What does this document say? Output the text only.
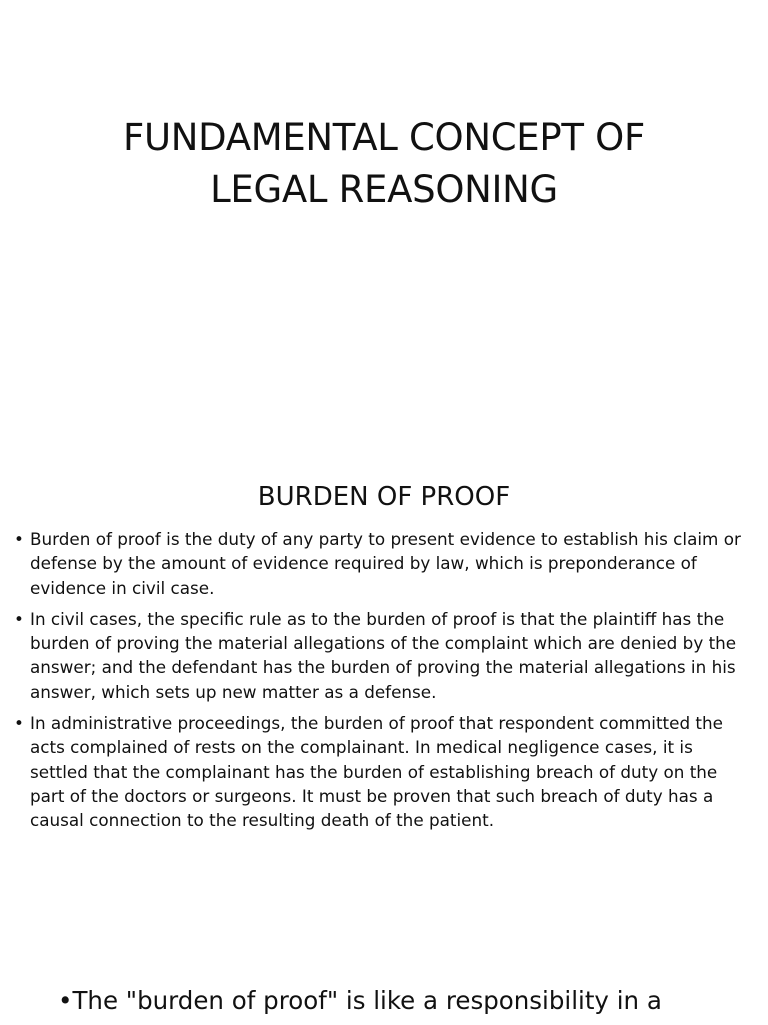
FUNDAMENTAL CONCEPT OF
LEGAL REASONING
BURDEN OF PROOF
• Burden of proof is the duty of any party to present evidence to establish his claim or defense by the amount of evidence required by law, which is preponderance of evidence in civil case.
• In civil cases, the specific rule as to the burden of proof is that the plaintiff has the burden of proving the material allegations of the complaint which are denied by the answer; and the defendant has the burden of proving the material allegations in his answer, which sets up new matter as a defense.
• In administrative proceedings, the burden of proof that respondent committed the acts complained of rests on the complainant. In medical negligence cases, it is settled that the complainant has the burden of establishing breach of duty on the part of the doctors or surgeons. It must be proven that such breach of duty has a causal connection to the resulting death of the patient.

•The "burden of proof" is like a responsibility in a
